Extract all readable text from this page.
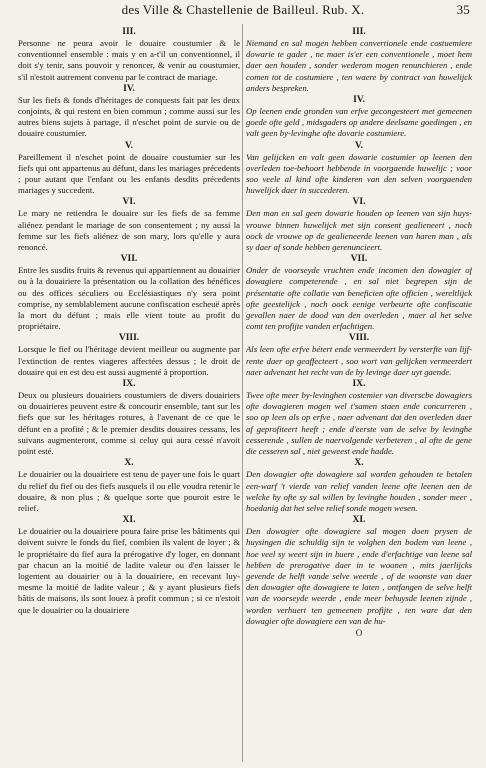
des Ville & Chastellenie de Bailleul. Rub. X.	35
III.

Personne ne peura avoir le douaire coustumier & le conventionnel ensemble : mais y en a-t'il un conventionnel, il doit s'y tenir, sans pouvoir y renoncer, & venir au coustumier, s'il n'estoit autrement convenu par le contract de mariage.

IV.

Sur les fiefs & fonds d'héritages de conquests fait par les deux conjoints, & qui restent en bien commun ; comme aussi sur les autres biens sujets à partage, il n'eschet point de survie ou de douaire coustumier.

V.

Pareillement il n'eschet point de douaire coustumier sur les fiefs qui ont appartenus au défunt, dans les mariages précedents ; pour autant que l'enfant ou les enfants desdits précedents mariages y succedent.

VI.

Le mary ne retiendra le douaire sur les fiefs de sa femme aliénez pendant le mariage de son consentement ; ny aussi la femme sur les fiefs aliénez de son mary, lors qu'elle y aura renoncé.

VII.

Entre les susdits fruits & revenus qui appartiennent au douairier ou à la douairiere la présentation ou la collation des bénéfices ou des offices séculiers ou Ecclésiastiques n'y sera point comprise, ny semblablement aucune confiscation escheuë après la mort du défunt ; mais elle vient toute au profit du propriétaire.

VIII.

Lorsque le fief ou l'héritage devient meilleur ou augmente par l'extinction de rentes viageres affectées dessus ; le droit de douaire qui en est deu est aussi augmenté à proportion.

IX.

Deux ou plusieurs douairiers coustumiers de divers douairiers ou douairieres peuvent estre & concourir ensemble, tant sur les fiefs que sur les héritages rotures, à l'avenant de ce que le défunt en a profité ; & le premier desdits douaires cessans, les suivans augmenteront, comme si celuy qui aura cessé n'avoit point esté.

X.

Le douairier ou la douairiere est tenu de payer une fois le quart du relief du fief ou des fiefs ausquels il ou elle voudra retenir le douaire, & non plus ; & quelque sorte que pouroit estre le relief.

XI.

Le douairier ou la douairiere poura faire prise les bâtiments qui doivent suivre le fonds du fief, combien ils valent de loyer ; & le propriétaire du fief aura la prérogative d'y loger, en donnant par chacun an la moitié de ladite valeur ou d'en laisser le logement au douairier ou à la douairiere, en recevant luy-mesme la moitié de ladite valeur ; & y ayant plusieurs fiefs bâtis de maisons, ils sont louez à profit commun ; si ce n'estoit que le douairier ou la douairiere

III.

Niemand en sal mogen hebben convertionele ende costuemiere dowarie te gader , ne maer is'er een conventionele , moet hem daer aen houden , sonder wederom mogen renunchieren , ende comen tot de costumiere , ten waere by contract van huwelijck anders bespreken.

IV.

Op leenen ende gronden van erfve gecongesteert met gemeenen goede ofte geld , midsgaders op andere deelsame goedingen , en valt geen by-levinghe ofte dovarie costumiere.

V.

Van gelijcken en valt geen dowarie costumier op leenen den overleden toe-behoort hebbende in voorgaende huwelijc ; voor soo veele al kind ofte kinderen van den selven voorgaenden huwelijck daer in succederen.

VI.

Den man en sal geen dowarie houden op leenen van sijn huys-vrouwe binnen huwelijck met sijn consent gealieneert , noch oock de vrouwe op de gealieneerde leenen van haren man , als sy daer af sonde hebben gerenuncieert.

VII.

Onder de voorseyde vruchten ende incomen den dowagier of dowagiere competerende , en sal niet begrepen sijn de présentatie ofte collatie van beneficien ofte officien , wereltlijck ofte geestelijck , noch oock eenige verbeurte ofte confiscatie gevallen naer de dood van den overleden , maer al het selve comt ten profijte vanden erfachtigen.

VIII.

Als leen ofte erfve bétert ende vermeerdert by versterfte van lijf-rente daer op geaffecteert , soo wort van gelijcken vermeerdert naer advenant het recht van de by levinge daer uyt gaende.

IX.

Twee ofte meer by-levinghen costemier van diverscbe dowagiers ofte dowagieren mogen wel t'samen staen ende concurreren , soo op leen als op erfve , naer advenant dat den overleden daer af geprofiteert heeft ; ende d'eerste van de selve by levinghe cesserende , sullen de naervolgende verbeteren , al ofte de gene die cesseren sal , niet geweest ende hadde.

X.

Den dowagier ofte dowagiere sal worden gehouden te betalen een-warf 't vierde van relief vanden leene ofte leenen aen de welcke hy ofte sy sal willen by levinghe houden , sonder meer , hoedanig dat het selve relief sonde mogen wesen.

XI.

Den dowagier ofte dowagiere sal mogen doen prysen de huysingen die schuldig sijn te volghen den bodem van leene , hoe veel sy weert sijn in huere , ende d'erfachtige van leene sal hebben de prerogative daer in te woonen , mits jaerlijcks gevende de helft vande selve weerde , of de woonste van daer den dowagier ofte dowagiere te laten , ontfangen de selve helft van de voorseyde weerde , ende meer behuysde leenen zijnde , worden verhuert ten gemeenen profijte , ten ware dat den dowagier ofte dowagiere een van de hu-

O
